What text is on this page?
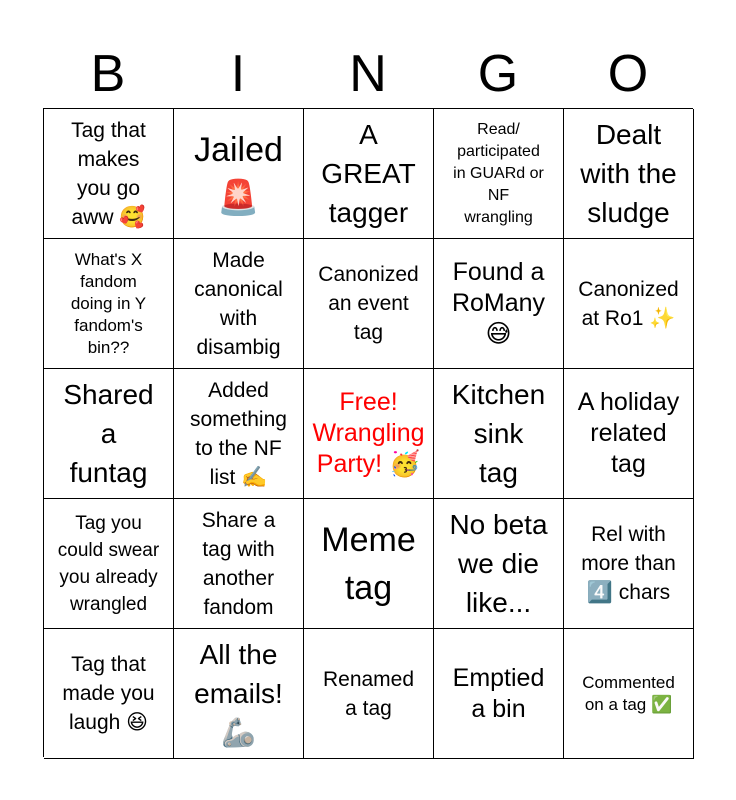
B	I	N	G	O
Tag that
makes
you go
aww 🥰
Jailed
🚨
A
GREAT
tagger
Read/
participated
in GUARd or
NF
wrangling
Dealt
with the
sludge
What's X
fandom
doing in Y
fandom's
bin??
Made
canonical
with
disambig
Canonized
an event
tag
Found a
RoMany
😅
Canonized
at Ro1 ✨
Shared
a
funtag
Added
something
to the NF
list ✍️
Free!
Wrangling
Party! 🥳
Kitchen
sink
tag
A holiday
related
tag
Tag you
could swear
you already
wrangled
Share a
tag with
another
fandom
Meme
tag
No beta
we die
like...
Rel with
more than
4️⃣ chars
Tag that
made you
laugh 😆
All the
emails!
🦾
Renamed
a tag
Emptied
a bin
Commented
on a tag ✅
